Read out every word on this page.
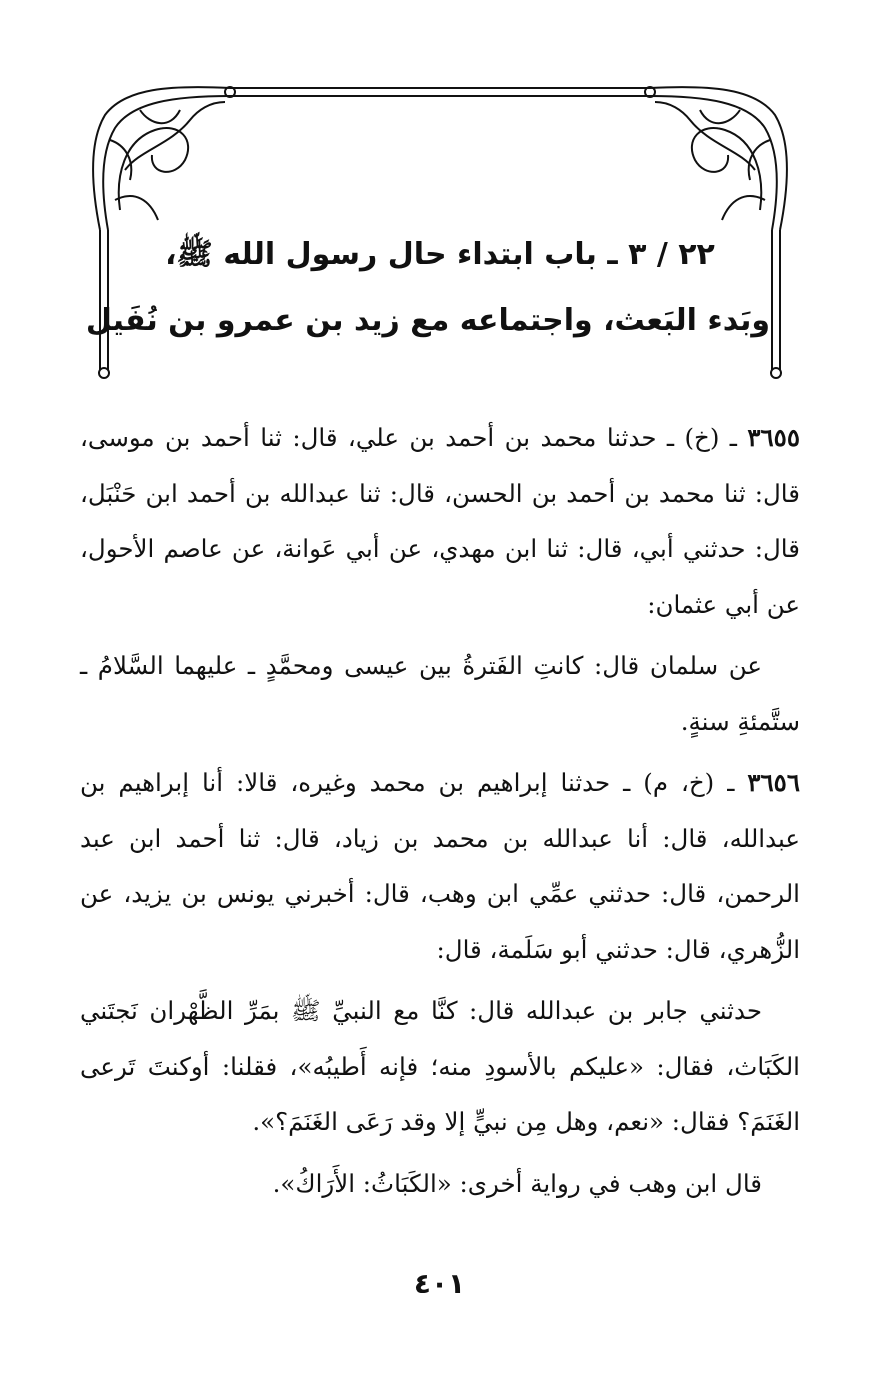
٢٢ / ٣ ـ باب ابتداء حال رسول الله ﷺ،
وبَدء البَعث، واجتماعه مع زيد بن عمرو بن نُفَيل

٣٦٥٥ ـ (خ) ـ حدثنا محمد بن أحمد بن علي، قال: ثنا أحمد بن موسى، قال: ثنا محمد بن أحمد بن الحسن، قال: ثنا عبدالله بن أحمد ابن حَنْبَل، قال: حدثني أبي، قال: ثنا ابن مهدي، عن أبي عَوانة، عن عاصم الأحول، عن أبي عثمان:

عن سلمان قال: كانتِ الفَترةُ بين عيسى ومحمَّدٍ ـ عليهما السَّلامُ ـ ستَّمئةِ سنةٍ.

٣٦٥٦ ـ (خ، م) ـ حدثنا إبراهيم بن محمد وغيره، قالا: أنا إبراهيم بن عبدالله، قال: أنا عبدالله بن محمد بن زياد، قال: ثنا أحمد ابن عبد الرحمن، قال: حدثني عمِّي ابن وهب، قال: أخبرني يونس بن يزيد، عن الزُّهري، قال: حدثني أبو سَلَمة، قال:

حدثني جابر بن عبدالله قال: كنَّا مع النبيِّ ﷺ بمَرِّ الظَّهْران نَجتَني الكَبَاث، فقال: «عليكم بالأسودِ منه؛ فإنه أَطيبُه»، فقلنا: أوكنتَ تَرعى الغَنَمَ؟ فقال: «نعم، وهل مِن نبيٍّ إلا وقد رَعَى الغَنَمَ؟».

قال ابن وهب في رواية أخرى: «الكَبَاثُ: الأَرَاكُ».

٤٠١
